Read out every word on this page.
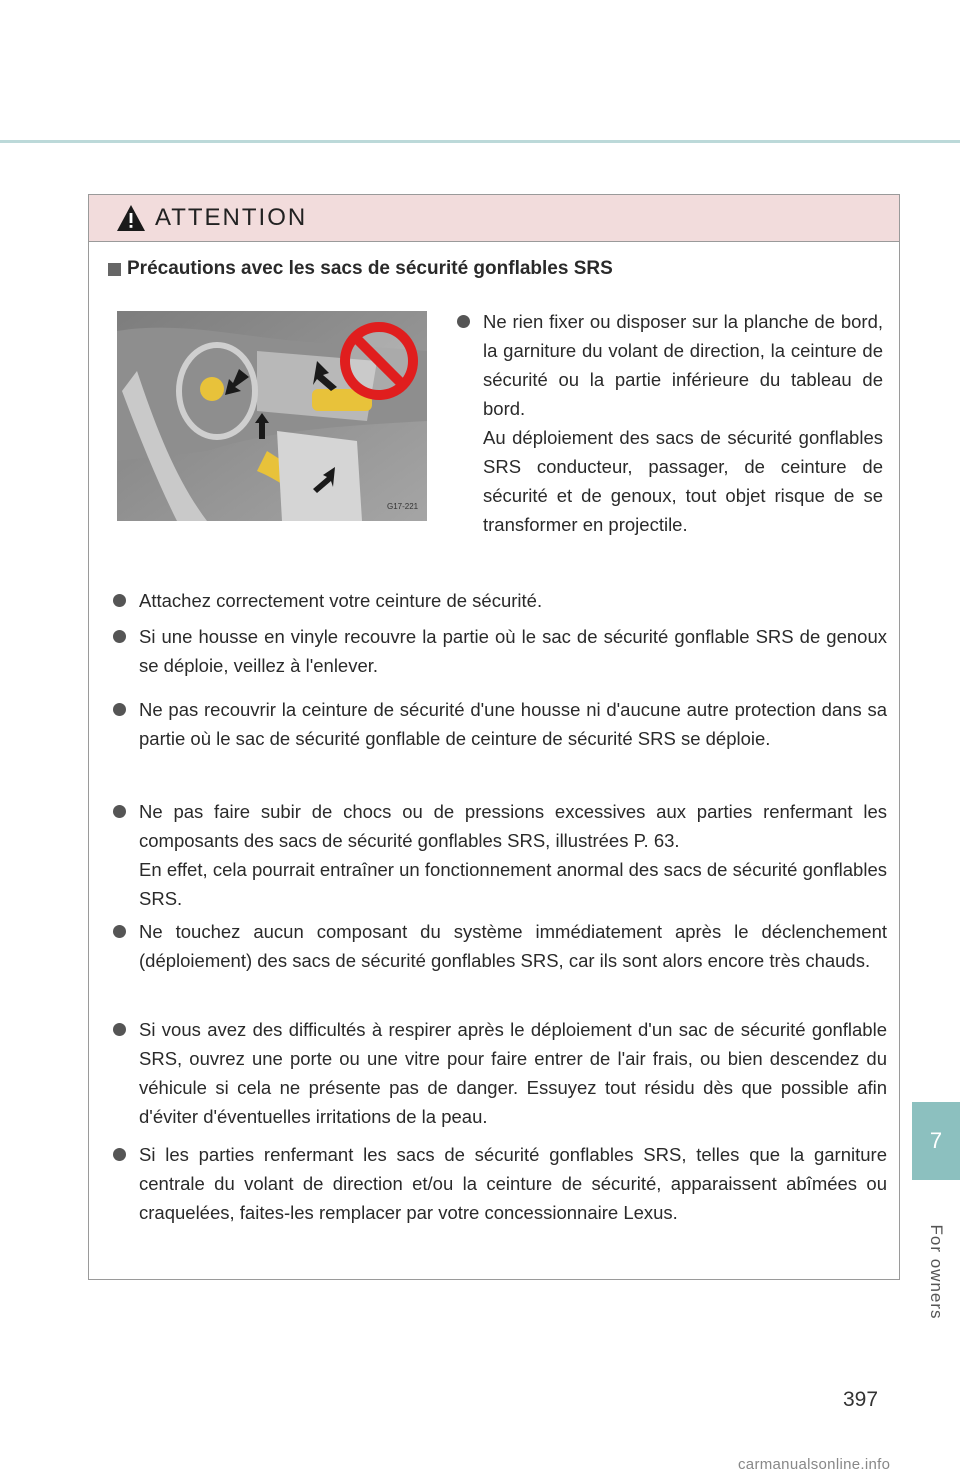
ATTENTION
Précautions avec les sacs de sécurité gonflables SRS
G17-221

Ne rien fixer ou disposer sur la planche de bord, la garniture du volant de direction, la ceinture de sécurité ou la partie inférieure du tableau de bord.

Au déploiement des sacs de sécurité gonflables SRS conducteur, passager, de ceinture de sécurité et de genoux, tout objet risque de se transformer en projectile.

Attachez correctement votre ceinture de sécurité.

Si une housse en vinyle recouvre la partie où le sac de sécurité gonflable SRS de genoux se déploie, veillez à l'enlever.

Ne pas recouvrir la ceinture de sécurité d'une housse ni d'aucune autre protection dans sa partie où le sac de sécurité gonflable de ceinture de sécurité SRS se déploie.

Ne pas faire subir de chocs ou de pressions excessives aux parties renfermant les composants des sacs de sécurité gonflables SRS, illustrées P. 63.

En effet, cela pourrait entraîner un fonctionnement anormal des sacs de sécurité gonflables SRS.

Ne touchez aucun composant du système immédiatement après le déclenchement (déploiement) des sacs de sécurité gonflables SRS, car ils sont alors encore très chauds.

Si vous avez des difficultés à respirer après le déploiement d'un sac de sécurité gonflable SRS, ouvrez une porte ou une vitre pour faire entrer de l'air frais, ou bien descendez du véhicule si cela ne présente pas de danger. Essuyez tout résidu dès que possible afin d'éviter d'éventuelles irritations de la peau.

Si les parties renfermant les sacs de sécurité gonflables SRS, telles que la garniture centrale du volant de direction et/ou la ceinture de sécurité, apparaissent abîmées ou craquelées, faites-les remplacer par votre concessionnaire Lexus.

7
For owners
397
carmanualsonline.info
